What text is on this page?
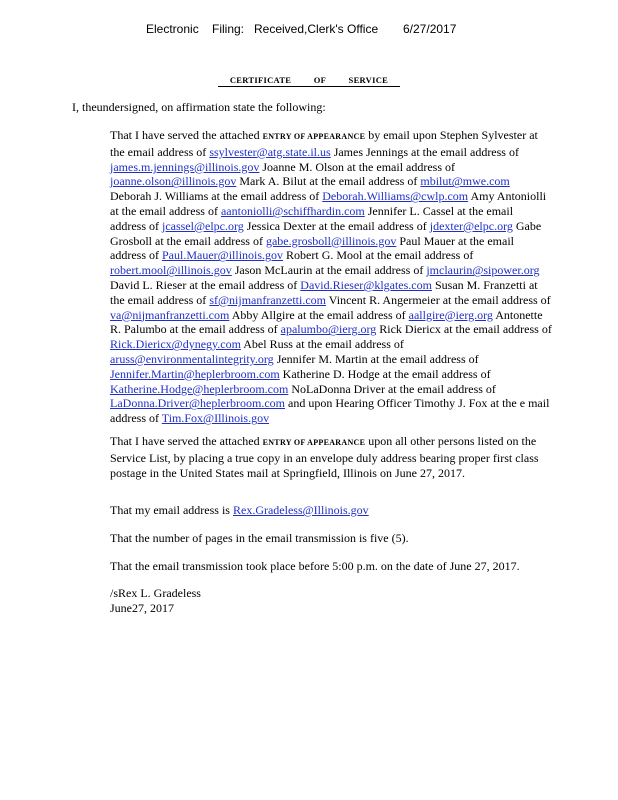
Electronic Filing: Received,Clerk's Office 6/27/2017
CERTIFICATE	OF	SERVICE
I, theundersigned, on affirmation state the following:
That I have served the attached ENTRY OF APPEARANCE by email upon Stephen Sylvester at the email address of ssylvester@atg.state.il.us James Jennings at the email address of james.m.jennings@illinois.gov Joanne M. Olson at the email address of joanne.olson@illinois.gov Mark A. Bilut at the email address of mbilut@mwe.com Deborah J. Williams at the email address of Deborah.Williams@cwlp.com Amy Antoniolli at the email address of aantoniolli@schiffhardin.com Jennifer L. Cassel at the email address of jcassel@elpc.org Jessica Dexter at the email address of jdexter@elpc.org Gabe Grosboll at the email address of gabe.grosboll@illinois.gov Paul Mauer at the email address of Paul.Mauer@illinois.gov Robert G. Mool at the email address of robert.mool@illinois.gov Jason McLaurin at the email address of jmclaurin@sipower.org David L. Rieser at the email address of David.Rieser@klgates.com Susan M. Franzetti at the email address of sf@nijmanfranzetti.com Vincent R. Angermeier at the email address of va@nijmanfranzetti.com Abby Allgire at the email address of aallgire@ierg.org Antonette R. Palumbo at the email address of apalumbo@ierg.org Rick Diericx at the email address of Rick.Diericx@dynegy.com Abel Russ at the email address of aruss@environmentalintegrity.org Jennifer M. Martin at the email address of Jennifer.Martin@heplerbroom.com Katherine D. Hodge at the email address of Katherine.Hodge@heplerbroom.com NoLaDonna Driver at the email address of LaDonna.Driver@heplerbroom.com and upon Hearing Officer Timothy J. Fox at the e mail address of Tim.Fox@Illinois.gov
That I have served the attached ENTRY OF APPEARANCE upon all other persons listed on the Service List, by placing a true copy in an envelope duly address bearing proper first class postage in the United States mail at Springfield, Illinois on June 27, 2017.
That my email address is Rex.Gradeless@Illinois.gov
That the number of pages in the email transmission is five (5).
That the email transmission took place before 5:00 p.m. on the date of June 27, 2017.
/sRex L. Gradeless
June27, 2017
